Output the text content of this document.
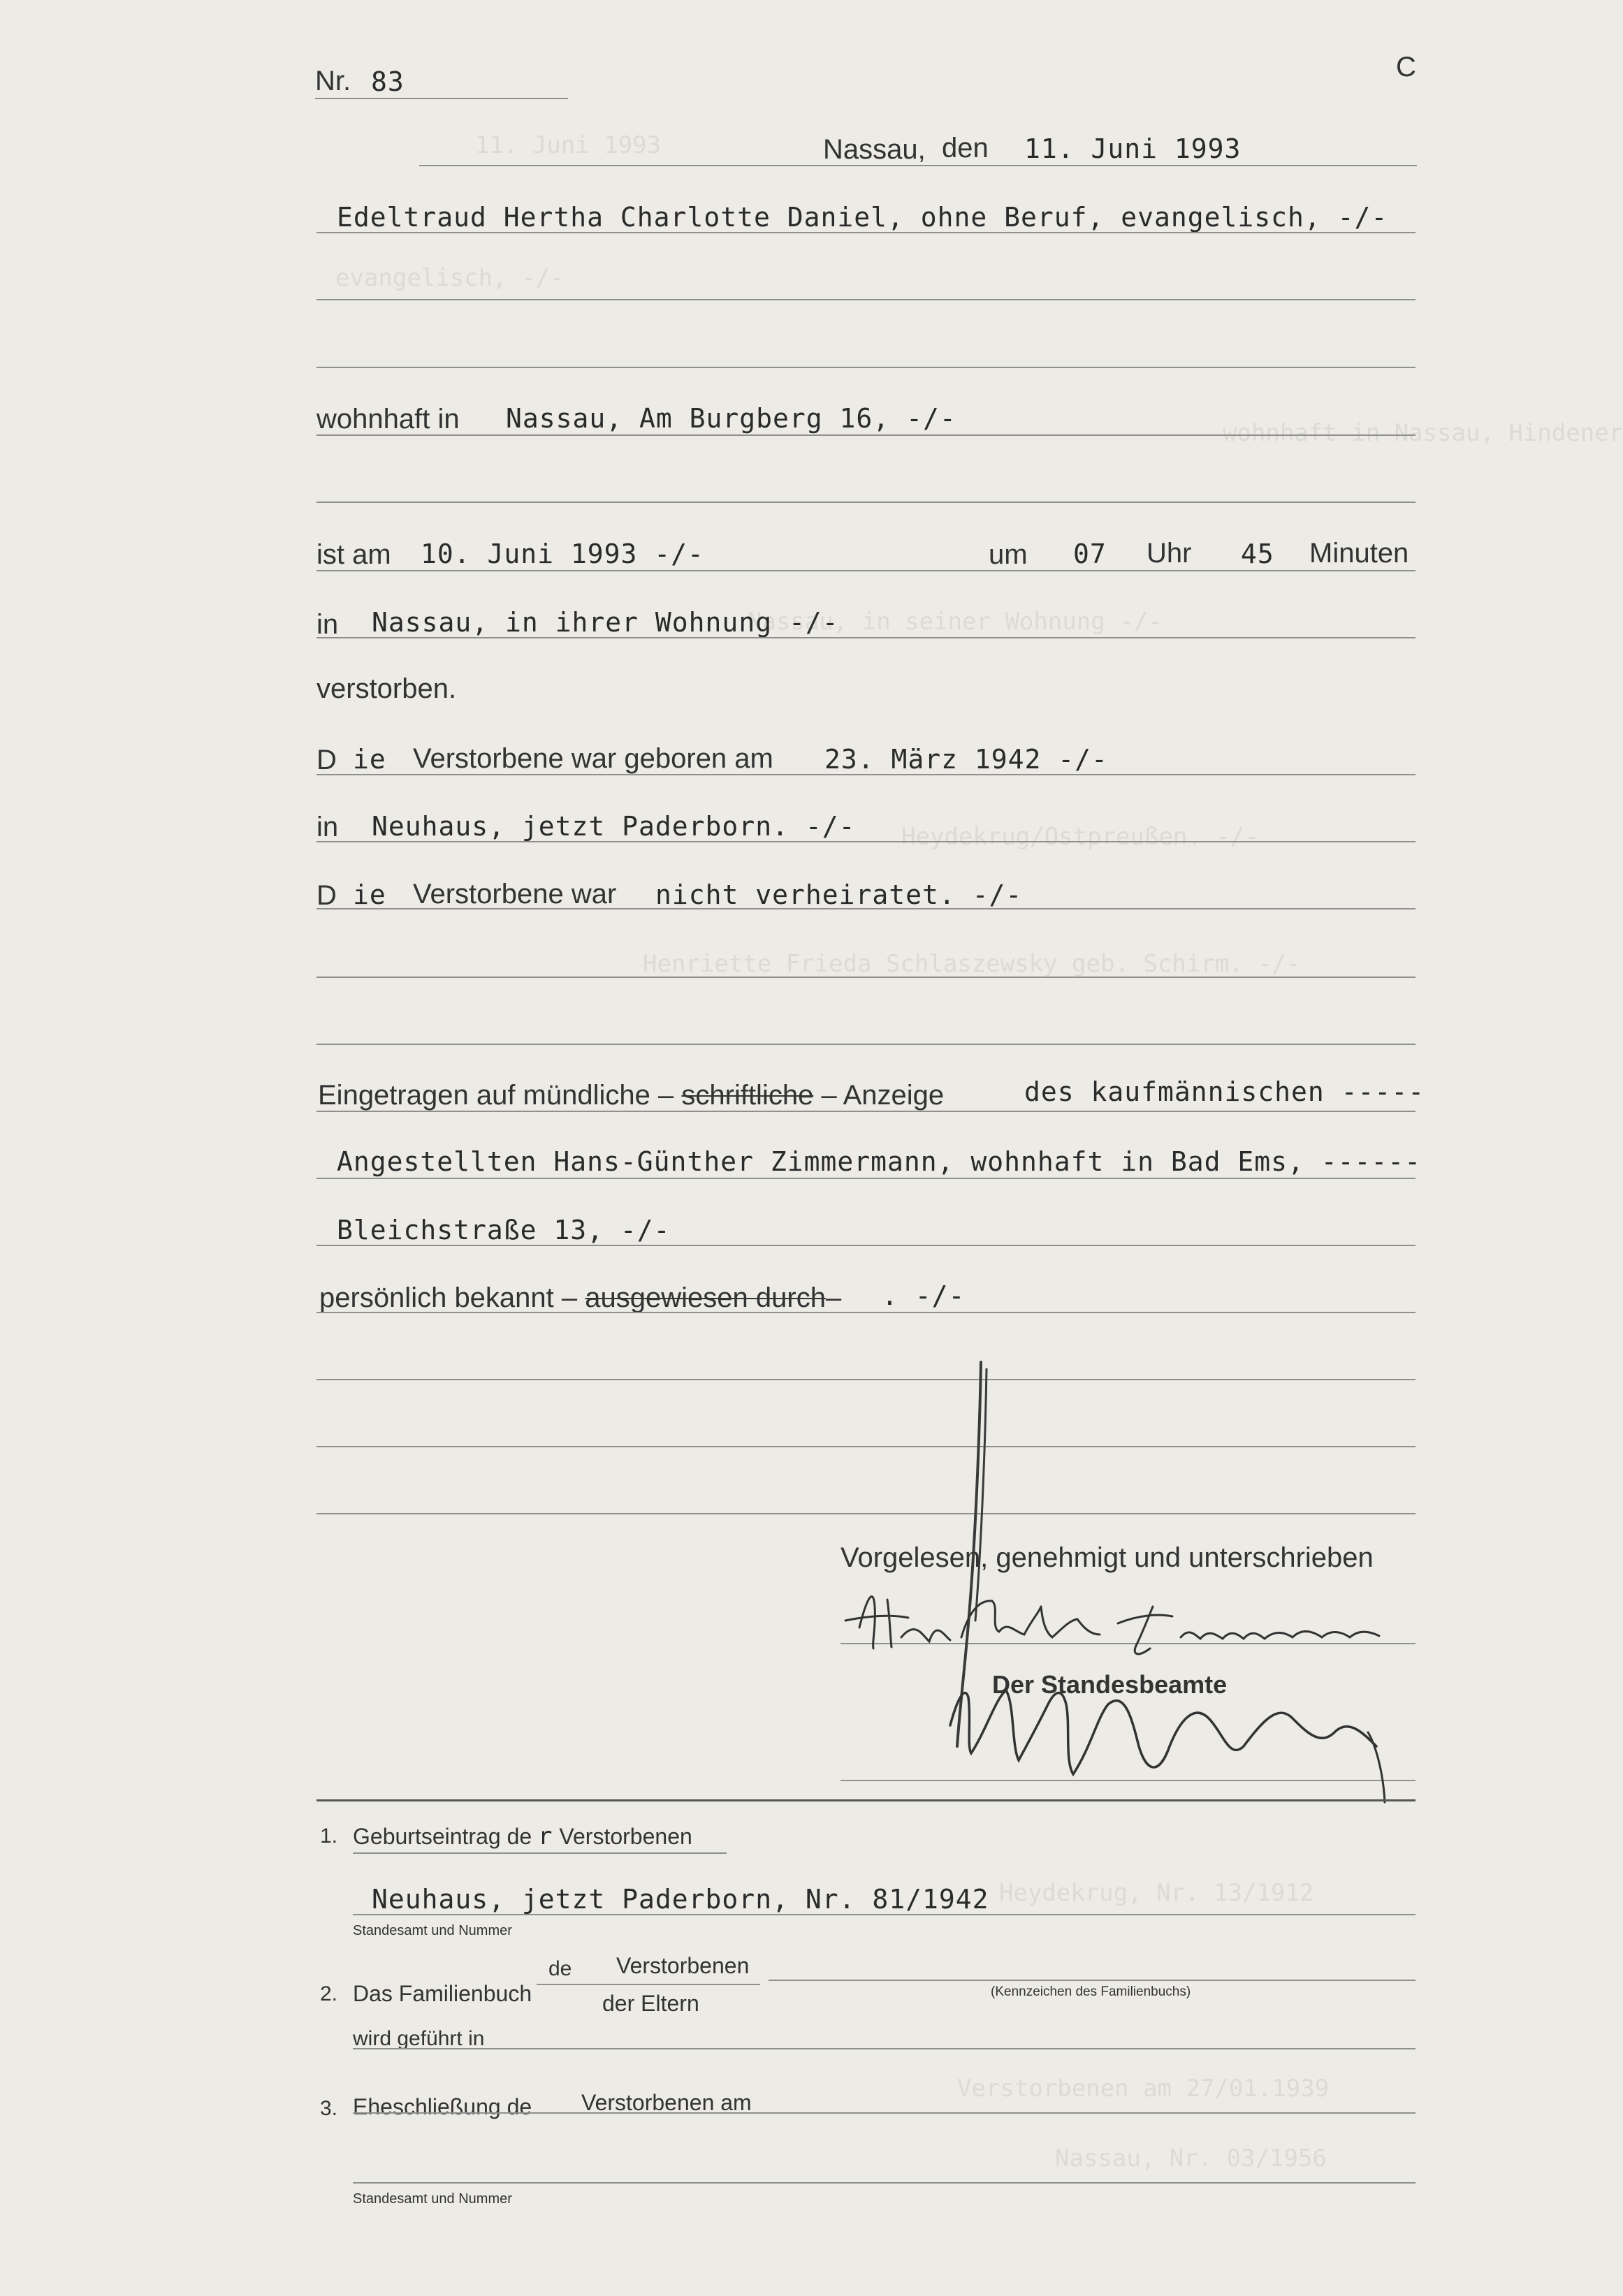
11. Juni 1993
evangelisch, -/-
wohnhaft in Nassau, Hindener
Nassau, in seiner Wohnung -/-
Heydekrug/Ostpreußen. -/-
Henriette Frieda Schlaszewsky geb. Schirm. -/-
Heydekrug, Nr. 13/1912
Verstorbenen am 27/01.1939
Nassau, Nr. 03/1956
C
Nr. 83
Nassau, den 11. Juni 1993
Edeltraud Hertha Charlotte Daniel, ohne Beruf, evangelisch, -/-
wohnhaft in Nassau, Am Burgberg 16, -/-
ist am 10. Juni 1993 -/-	um 07 Uhr 45 Minuten
in Nassau, in ihrer Wohnung -/-
verstorben.
D ie Verstorbene war geboren am 23. März 1942 -/-
in Neuhaus, jetzt Paderborn. -/-
D ie Verstorbene war nicht verheiratet. -/-
Eingetragen auf mündliche – schriftliche – Anzeige	des kaufmännischen -----
Angestellten Hans-Günther Zimmermann, wohnhaft in Bad Ems, ------
Bleichstraße 13, -/-
persönlich bekannt – ausgewiesen durch– . -/-
Vorgelesen, genehmigt und unterschrieben
Der Standesbeamte
1. Geburtseintrag de r Verstorbenen
Neuhaus, jetzt Paderborn, Nr. 81/1942
Standesamt und Nummer
2. Das Familienbuch
de Verstorbenen
der Eltern	(Kennzeichen des Familienbuchs)
wird geführt in
3. Eheschließung de Verstorbenen am
Standesamt und Nummer
